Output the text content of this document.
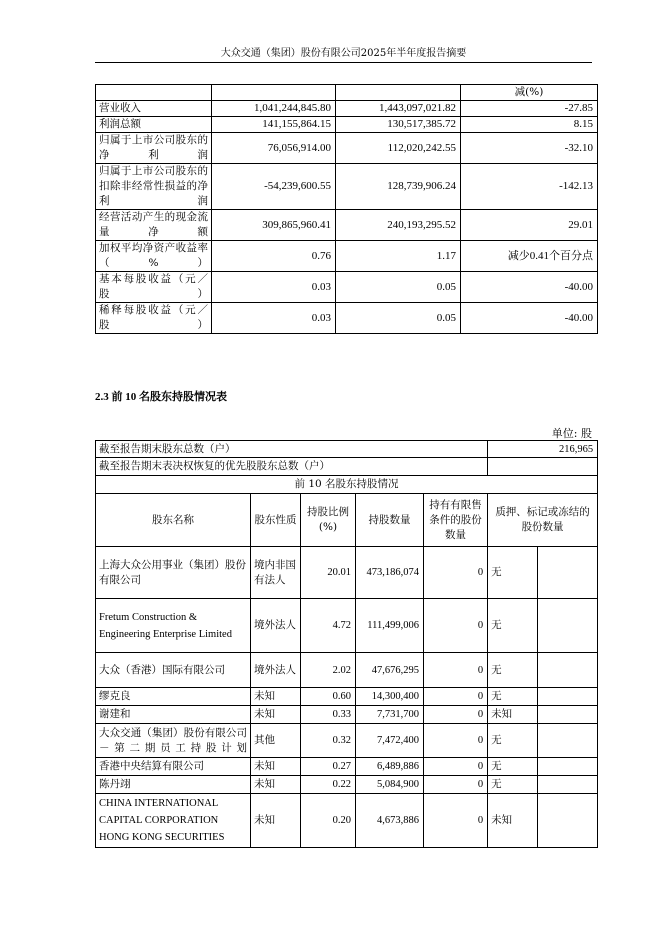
大众交通（集团）股份有限公司2025年半年度报告摘要
			减(%)
营业收入	1,041,244,845.80	1,443,097,021.82	-27.85
利润总额	141,155,864.15	130,517,385.72	8.15
归属于上市公司股东的净利润	76,056,914.00	112,020,242.55	-32.10
归属于上市公司股东的扣除非经常性损益的净利润	-54,239,600.55	128,739,906.24	-142.13
经营活动产生的现金流量净额	309,865,960.41	240,193,295.52	29.01
加权平均净资产收益率（%）	0.76	1.17	减少0.41个百分点
基本每股收益（元／股）	0.03	0.05	-40.00
稀释每股收益（元／股）	0.03	0.05	-40.00
2.3 前 10 名股东持股情况表
单位: 股
截至报告期末股东总数（户）					216,965	
截至报告期末表决权恢复的优先股股东总数（户）						
前 10 名股东持股情况						
股东名称	股东性质	持股比例(%)	持股数量	持有有限售条件的股份数量	质押、标记或冻结的股份数量	
上海大众公用事业（集团）股份有限公司	境内非国有法人	20.01	473,186,074	0	无	
Fretum Construction & Engineering Enterprise Limited	境外法人	4.72	111,499,006	0	无	
大众（香港）国际有限公司	境外法人	2.02	47,676,295	0	无	
缪克良	未知	0.60	14,300,400	0	无	
谢建和	未知	0.33	7,731,700	0	未知	
大众交通（集团）股份有限公司－第二期员工持股计划	其他	0.32	7,472,400	0	无	
香港中央结算有限公司	未知	0.27	6,489,886	0	无	
陈丹翊	未知	0.22	5,084,900	0	无	
CHINA INTERNATIONAL CAPITAL CORPORATION HONG KONG SECURITIES	未知	0.20	4,673,886	0	未知	
